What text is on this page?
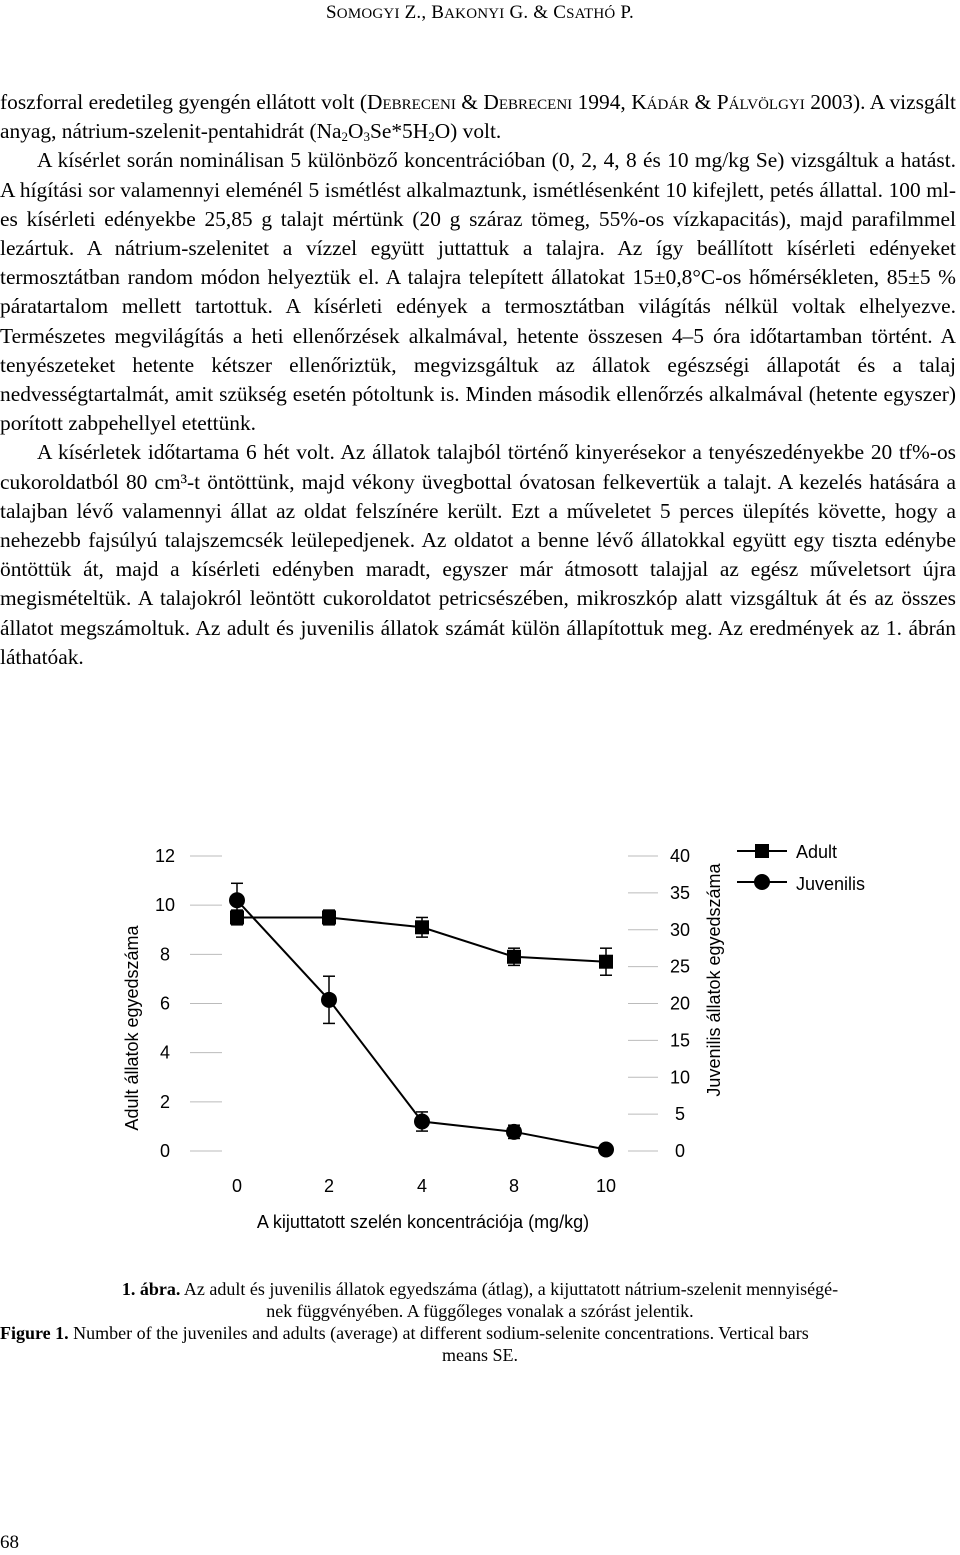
SOMOGYI Z., BAKONYI G. & CSATHÓ P.

foszforral eredetileg gyengén ellátott volt (Debreceni & Debreceni 1994, Kádár & Pálvölgyi 2003). A vizsgált anyag, nátrium-szelenit-pentahidrát $(Na_2O_3Se*5H_2O)$ volt.

A kísérlet során nominálisan 5 különböző koncentrációban (0, 2, 4, 8 és 10 mg/kg Se) vizsgáltuk a hatást. A hígítási sor valamennyi eleménél 5 ismétlést alkalmaztunk, ismétlésenként 10 kifejlett, petés állattal. 100 ml-es kísérleti edényekbe 25,85 g talajt mértünk (20 g száraz tömeg, 55%-os vízkapacitás), majd parafilmmel lezártuk. A nátrium-szelenitet a vízzel együtt juttattuk a talajra. Az így beállított kísérleti edényeket termosztátban random módon helyeztük el. A talajra telepített állatokat 15±0,8°C-os hőmérsékleten, 85±5 % páratartalom mellett tartottuk. A kísérleti edények a termosztátban világítás nélkül voltak elhelyezve. Természetes megvilágítás a heti ellenőrzések alkalmával, hetente összesen 4–5 óra időtartamban történt. A tenyészeteket hetente kétszer ellenőriztük, megvizsgáltuk az állatok egészségi állapotát és a talaj nedvességtartalmát, amit szükség esetén pótoltunk is. Minden második ellenőrzés alkalmával (hetente egyszer) porított zabpehellyel etettünk.

A kísérletek időtartama 6 hét volt. Az állatok talajból történő kinyerésekor a tenyészedényekbe 20 tf%-os cukoroldatból 80 cm³-t öntöttünk, majd vékony üvegbottal óvatosan felkevertük a talajt. A kezelés hatására a talajban lévő valamennyi állat az oldat felszínére került. Ezt a műveletet 5 perces ülepítés követte, hogy a nehezebb fajsúlyú talajszemcsék leülepedjenek. Az oldatot a benne lévő állatokkal együtt egy tiszta edénybe öntöttük át, majd a kísérleti edényben maradt, egyszer már átmosott talajjal az egész műveletsort újra megismételtük. A talajokról leöntött cukoroldatot petricsészében, mikroszkóp alatt vizsgáltuk át és az összes állatot megszámoltuk. Az adult és juvenilis állatok számát külön állapítottuk meg. Az eredmények az 1. ábrán láthatóak.

0
2
4
6
8
10
12
0
5
10
15
20
25
30
35
40
0	2	4	8	10
A kijuttatott szelén koncentrációja (mg/kg)
Adult állatok egyedszáma	Juvenilis állatok egyedszáma
Adult
Juvenilis
1. ábra. Az adult és juvenilis állatok egyedszáma (átlag), a kijuttatott nátrium-szelenit mennyiségé-
nek függvényében. A függőleges vonalak a szórást jelentik.
Figure 1. Number of the juveniles and adults (average) at different sodium-selenite concentrations. Vertical bars
means SE.
68
